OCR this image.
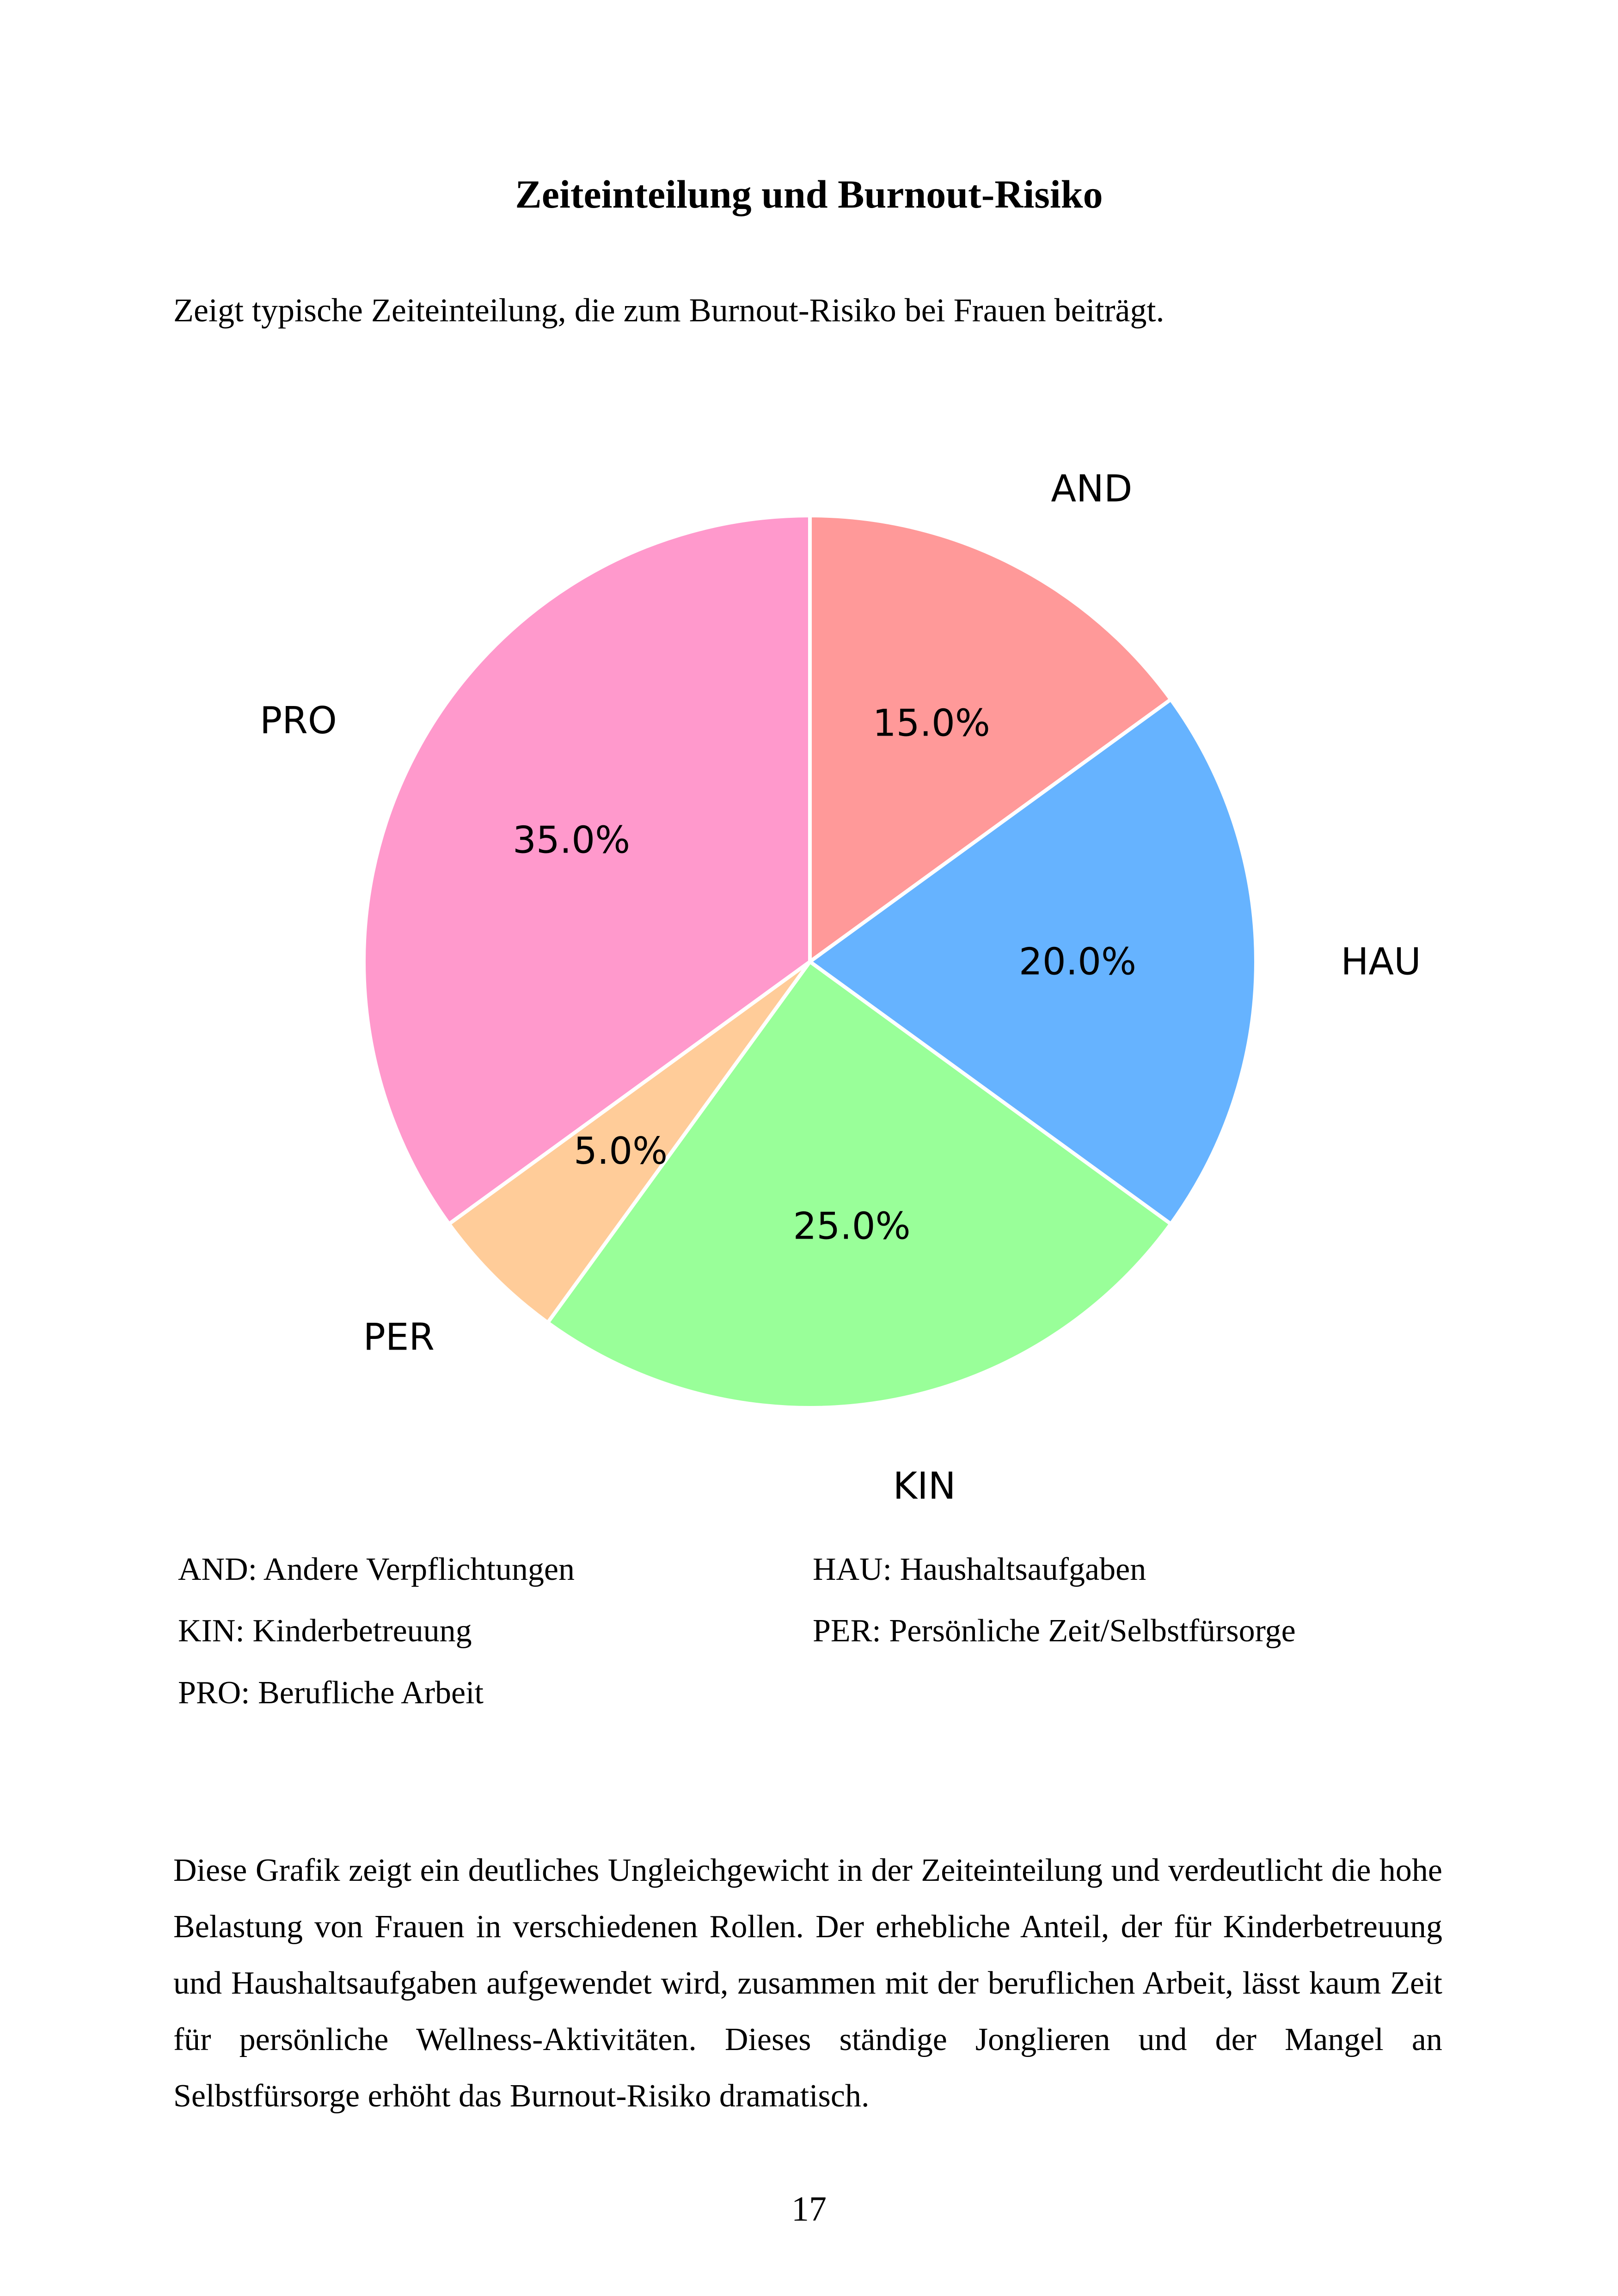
Zeiteinteilung und Burnout-Risiko
Zeigt typische Zeiteinteilung, die zum Burnout-Risiko bei Frauen beiträgt.
15.0%
AND
20.0%	HAU
25.0%
KIN
5.0%
PER
35.0%
PRO
AND: Andere Verpflichtungen	HAU: Haushaltsaufgaben
KIN: Kinderbetreuung	PER: Persönliche Zeit/Selbstfürsorge
PRO: Berufliche Arbeit
Diese Grafik zeigt ein deutliches Ungleichgewicht in der Zeiteinteilung und verdeutlicht die hohe Belastung von Frauen in verschiedenen Rollen. Der erhebliche Anteil, der für Kinderbetreuung und Haushaltsaufgaben aufgewendet wird, zusammen mit der beruflichen Arbeit, lässt kaum Zeit für persönliche Wellness-Aktivitäten. Dieses ständige Jonglieren und der Mangel an Selbstfürsorge erhöht das Burnout-Risiko dramatisch.
17
